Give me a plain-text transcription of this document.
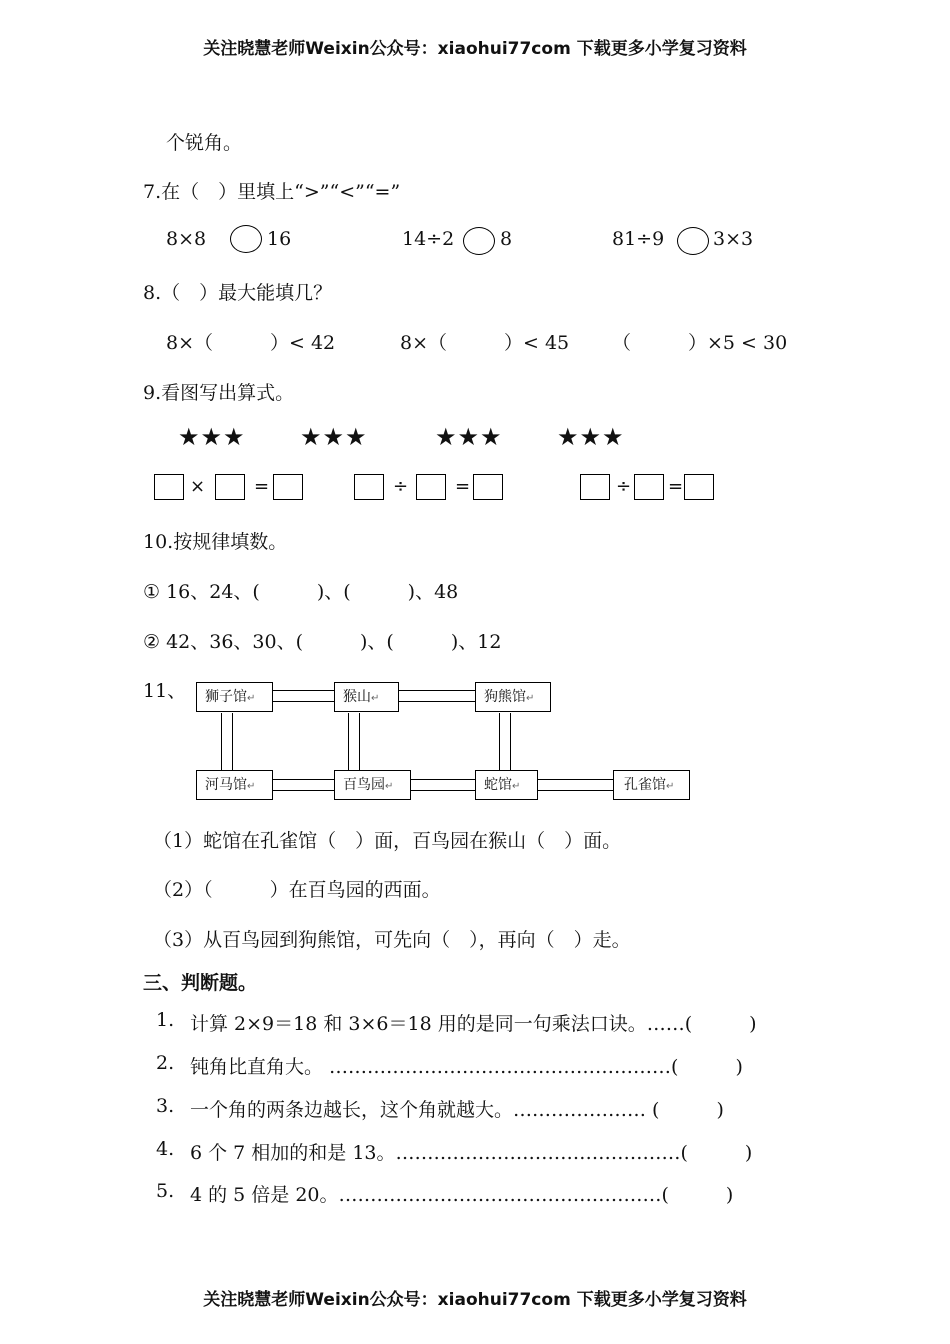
关注晓慧老师Weixin公众号：xiaohui77com 下载更多小学复习资料
个锐角。
7.在（　）里填上“>”“<”“=”
8×8	16	14÷2 8	81÷9	3×3
8.（　）最大能填几？
8×（　　　）< 42	8×（　　　）< 45 （　　　）×5 < 30
9.看图写出算式。
★★★ ★★★	★★★ ★★★
×	=	÷	=	÷ =
10.按规律填数。
① 16、24、(　　　)、(　　　)、48
② 42、36、30、(　　　)、(　　　)、12
11、	狮子馆↵	猴山↵	狗熊馆↵
河马馆↵	百鸟园↵	蛇馆↵	孔雀馆↵
（1）蛇馆在孔雀馆（　）面，百鸟园在猴山（　）面。
（2）（　　　）在百鸟园的西面。
（3）从百鸟园到狗熊馆，可先向（　），再向（　）走。
三、判断题。
1. 计算 2×9＝18 和 3×6＝18 用的是同一句乘法口诀。……(　　　)
2. 钝角比直角大。 ………………………………………………(　　　)
3. 一个角的两条边越长，这个角就越大。………………… (　　　)
4. 6 个 7 相加的和是 13。………………………………………(　　　)
5. 4 的 5 倍是 20。……………………………………………(　　　)
关注晓慧老师Weixin公众号：xiaohui77com 下载更多小学复习资料
